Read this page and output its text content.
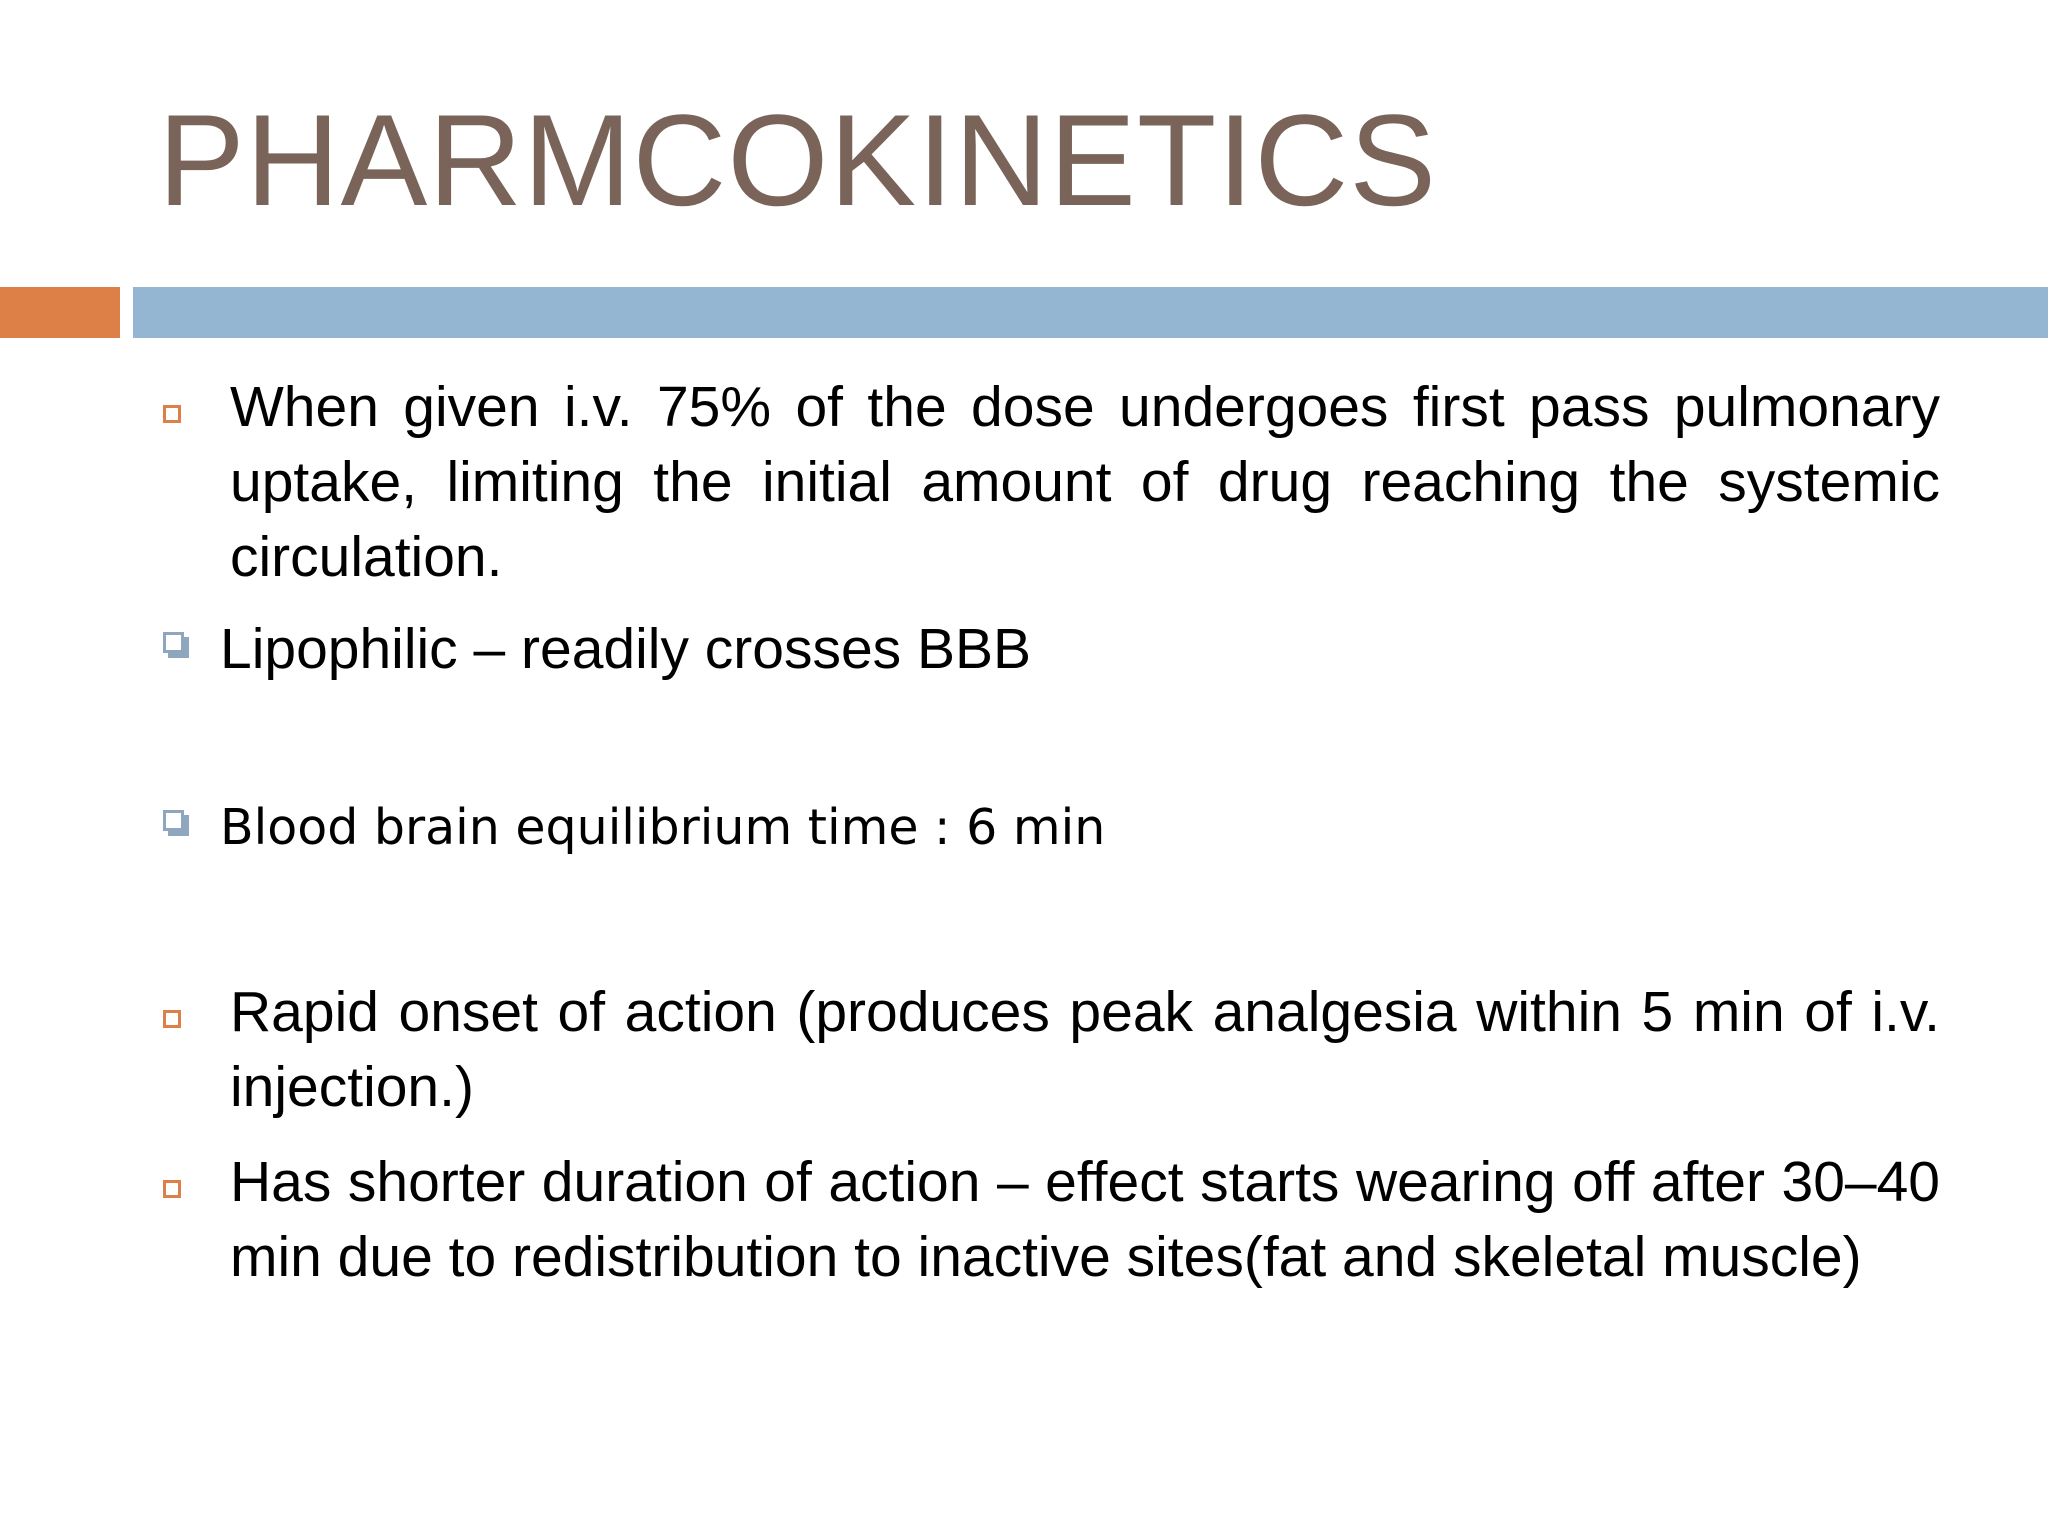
PHARMCOKINETICS

When given i.v. 75% of the dose undergoes first pass pulmonary uptake, limiting the initial amount of drug reaching the systemic circulation.

Lipophilic – readily crosses BBB

Blood brain equilibrium time : 6 min

Rapid onset of action (produces peak analgesia within 5 min of i.v. injection.)

Has shorter duration of action – effect starts wearing off after 30–40 min due to redistribution to inactive sites(fat and skeletal muscle)
